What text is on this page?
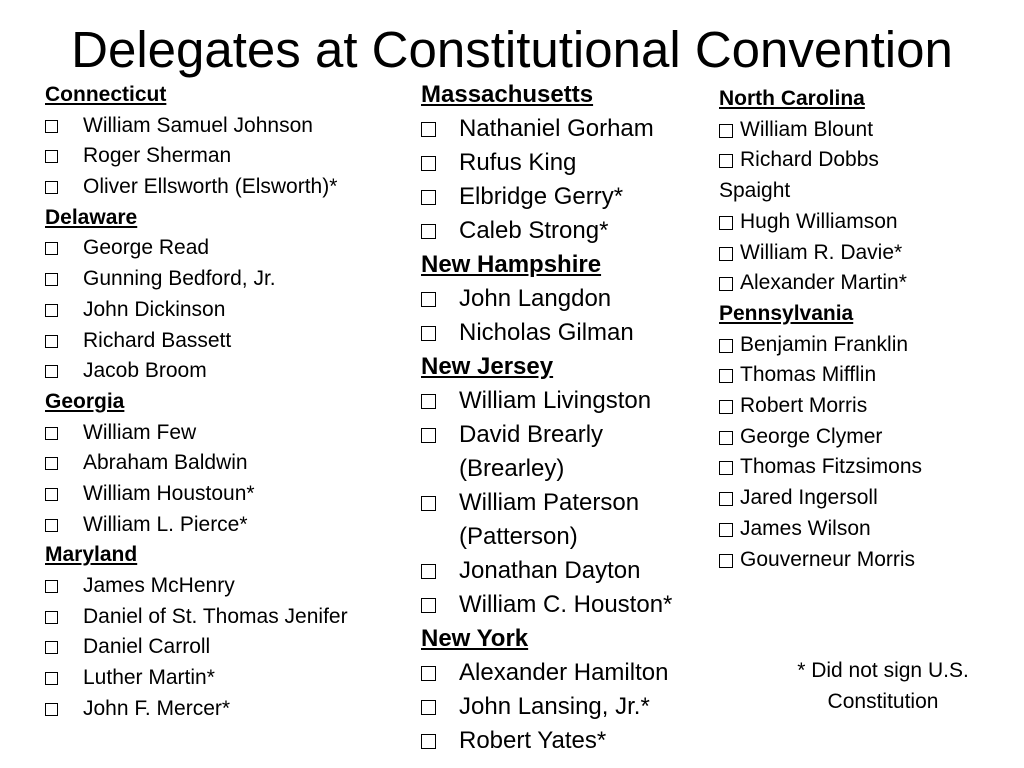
Delegates at Constitutional Convention
Connecticut
William Samuel Johnson
Roger Sherman
Oliver Ellsworth (Elsworth)*
Delaware
George Read
Gunning Bedford, Jr.
John Dickinson
Richard Bassett
Jacob Broom
Georgia
William Few
Abraham Baldwin
William Houstoun*
William L. Pierce*
Maryland
James McHenry
Daniel of St. Thomas Jenifer
Daniel Carroll
Luther Martin*
John F. Mercer*
Massachusetts
Nathaniel Gorham
Rufus King
Elbridge Gerry*
Caleb Strong*
New Hampshire
John Langdon
Nicholas Gilman
New Jersey
William Livingston
David Brearly (Brearley)
William Paterson (Patterson)
Jonathan Dayton
William C. Houston*
New York
Alexander Hamilton
John Lansing, Jr.*
Robert Yates*
North Carolina
William Blount
Richard Dobbs Spaight
Hugh Williamson
William R. Davie*
Alexander Martin*
Pennsylvania
Benjamin Franklin
Thomas Mifflin
Robert Morris
George Clymer
Thomas Fitzsimons
Jared Ingersoll
James Wilson
Gouverneur Morris
* Did not sign U.S. Constitution
